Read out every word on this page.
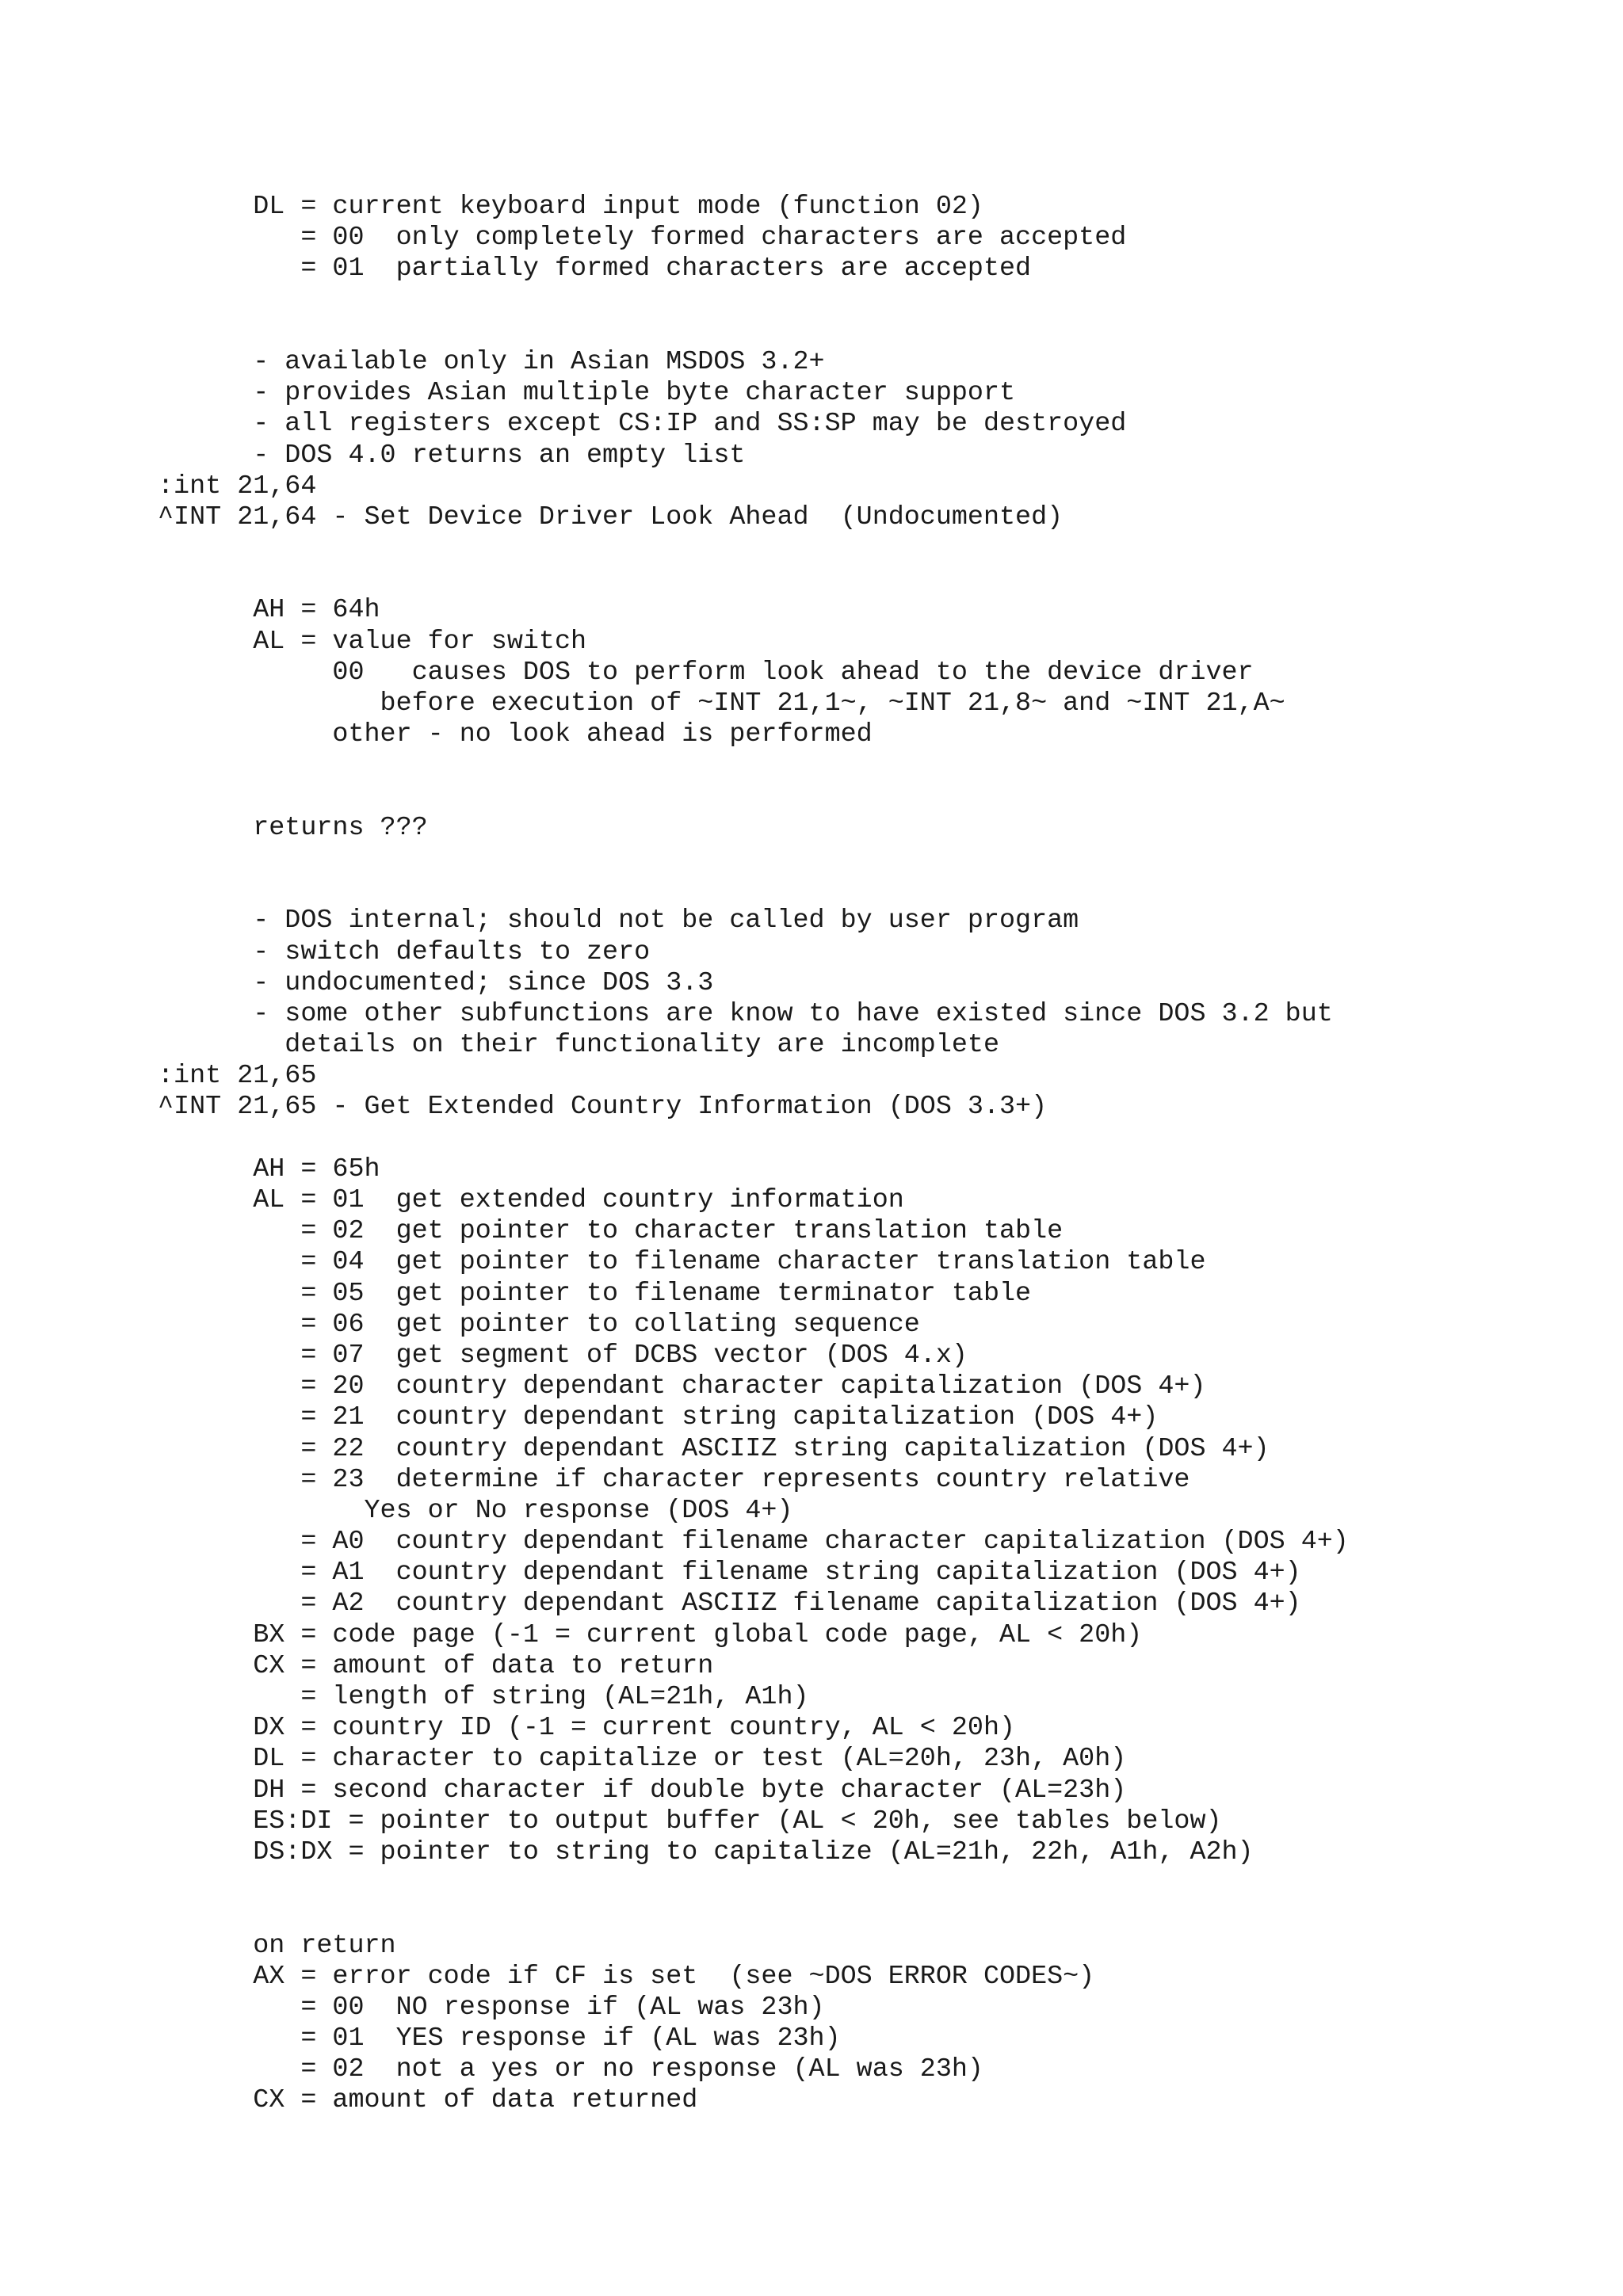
DL = current keyboard input mode (function 02)
= 00  only completely formed characters are accepted
= 01  partially formed characters are accepted
- available only in Asian MSDOS 3.2+
- provides Asian multiple byte character support
- all registers except CS:IP and SS:SP may be destroyed
- DOS 4.0 returns an empty list
:int 21,64
^INT 21,64 - Set Device Driver Look Ahead  (Undocumented)
AH = 64h
AL = value for switch
00   causes DOS to perform look ahead to the device driver
before execution of ~INT 21,1~, ~INT 21,8~ and ~INT 21,A~
other - no look ahead is performed
returns ???
- DOS internal; should not be called by user program
- switch defaults to zero
- undocumented; since DOS 3.3
- some other subfunctions are know to have existed since DOS 3.2 but
details on their functionality are incomplete
:int 21,65
^INT 21,65 - Get Extended Country Information (DOS 3.3+)
AH = 65h
AL = 01  get extended country information
= 02  get pointer to character translation table
= 04  get pointer to filename character translation table
= 05  get pointer to filename terminator table
= 06  get pointer to collating sequence
= 07  get segment of DCBS vector (DOS 4.x)
= 20  country dependant character capitalization (DOS 4+)
= 21  country dependant string capitalization (DOS 4+)
= 22  country dependant ASCIIZ string capitalization (DOS 4+)
= 23  determine if character represents country relative
Yes or No response (DOS 4+)
= A0  country dependant filename character capitalization (DOS 4+)
= A1  country dependant filename string capitalization (DOS 4+)
= A2  country dependant ASCIIZ filename capitalization (DOS 4+)
BX = code page (-1 = current global code page, AL < 20h)
CX = amount of data to return
= length of string (AL=21h, A1h)
DX = country ID (-1 = current country, AL < 20h)
DL = character to capitalize or test (AL=20h, 23h, A0h)
DH = second character if double byte character (AL=23h)
ES:DI = pointer to output buffer (AL < 20h, see tables below)
DS:DX = pointer to string to capitalize (AL=21h, 22h, A1h, A2h)
on return
AX = error code if CF is set  (see ~DOS ERROR CODES~)
= 00  NO response if (AL was 23h)
= 01  YES response if (AL was 23h)
= 02  not a yes or no response (AL was 23h)
CX = amount of data returned
